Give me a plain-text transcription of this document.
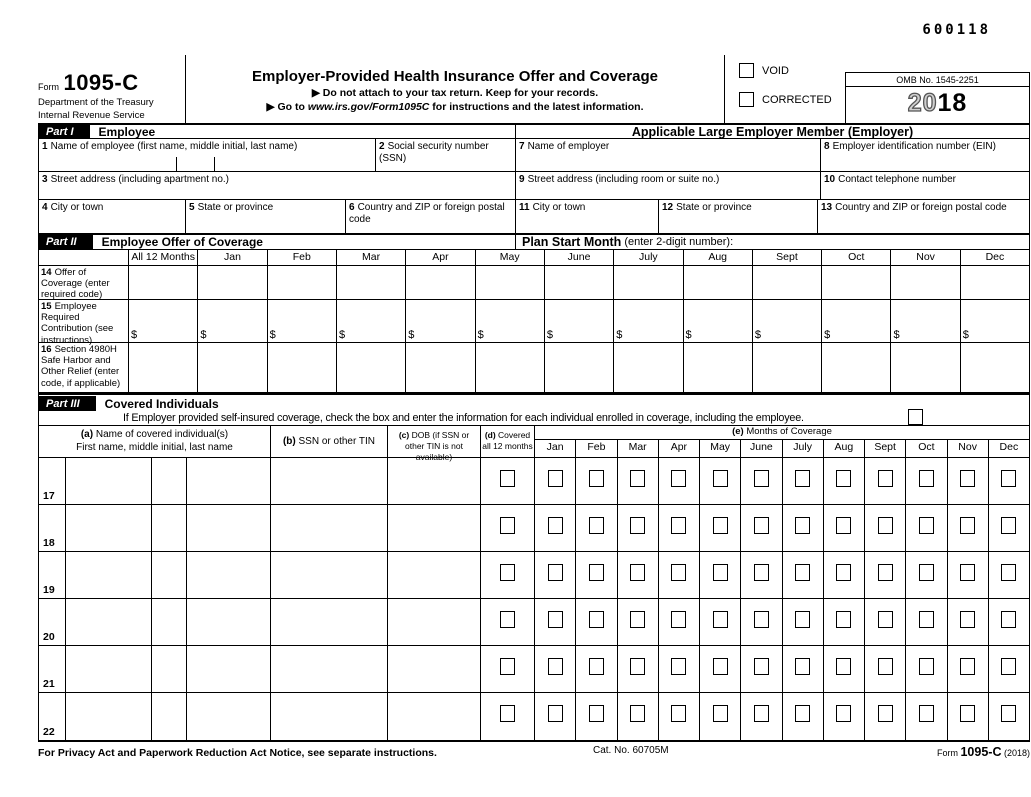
600118
Form 1095-C
Department of the Treasury
Internal Revenue Service
Employer-Provided Health Insurance Offer and Coverage
▶ Do not attach to your tax return. Keep for your records.
▶ Go to www.irs.gov/Form1095C for instructions and the latest information.
VOID
CORRECTED
OMB No. 1545-2251
2018
Part I	Employee	Applicable Large Employer Member (Employer)
1 Name of employee (first name, middle initial, last name)	2 Social security number (SSN)
7 Name of employer	8 Employer identification number (EIN)
3 Street address (including apartment no.)	9 Street address (including room or suite no.)	10 Contact telephone number
4 City or town	5 State or province	6 Country and ZIP or foreign postal code
11 City or town	12 State or province	13 Country and ZIP or foreign postal code
Part II	Employee Offer of Coverage	Plan Start Month (enter 2-digit number):
All 12 Months	Jan	Feb	Mar	Apr	May	June	July	Aug	Sept	Oct	Nov	Dec
14 Offer of Coverage (enter required code)
15 Employee Required Contribution (see instructions)	$	$	$	$	$	$	$	$	$	$	$	$	$
16 Section 4980H Safe Harbor and Other Relief (enter code, if applicable)
Part III	Covered Individuals
If Employer provided self-insured coverage, check the box and enter the information for each individual enrolled in coverage, including the employee.
(a) Name of covered individual(s)
First name, middle initial, last name
(b) SSN or other TIN
(c) DOB (if SSN or other TIN is not available)
(d) Covered all 12 months
(e) Months of Coverage
Jan	Feb	Mar	Apr	May	June	July	Aug	Sept	Oct	Nov	Dec
17
18
19
20
21
22
For Privacy Act and Paperwork Reduction Act Notice, see separate instructions.	Cat. No. 60705M	Form 1095-C (2018)
